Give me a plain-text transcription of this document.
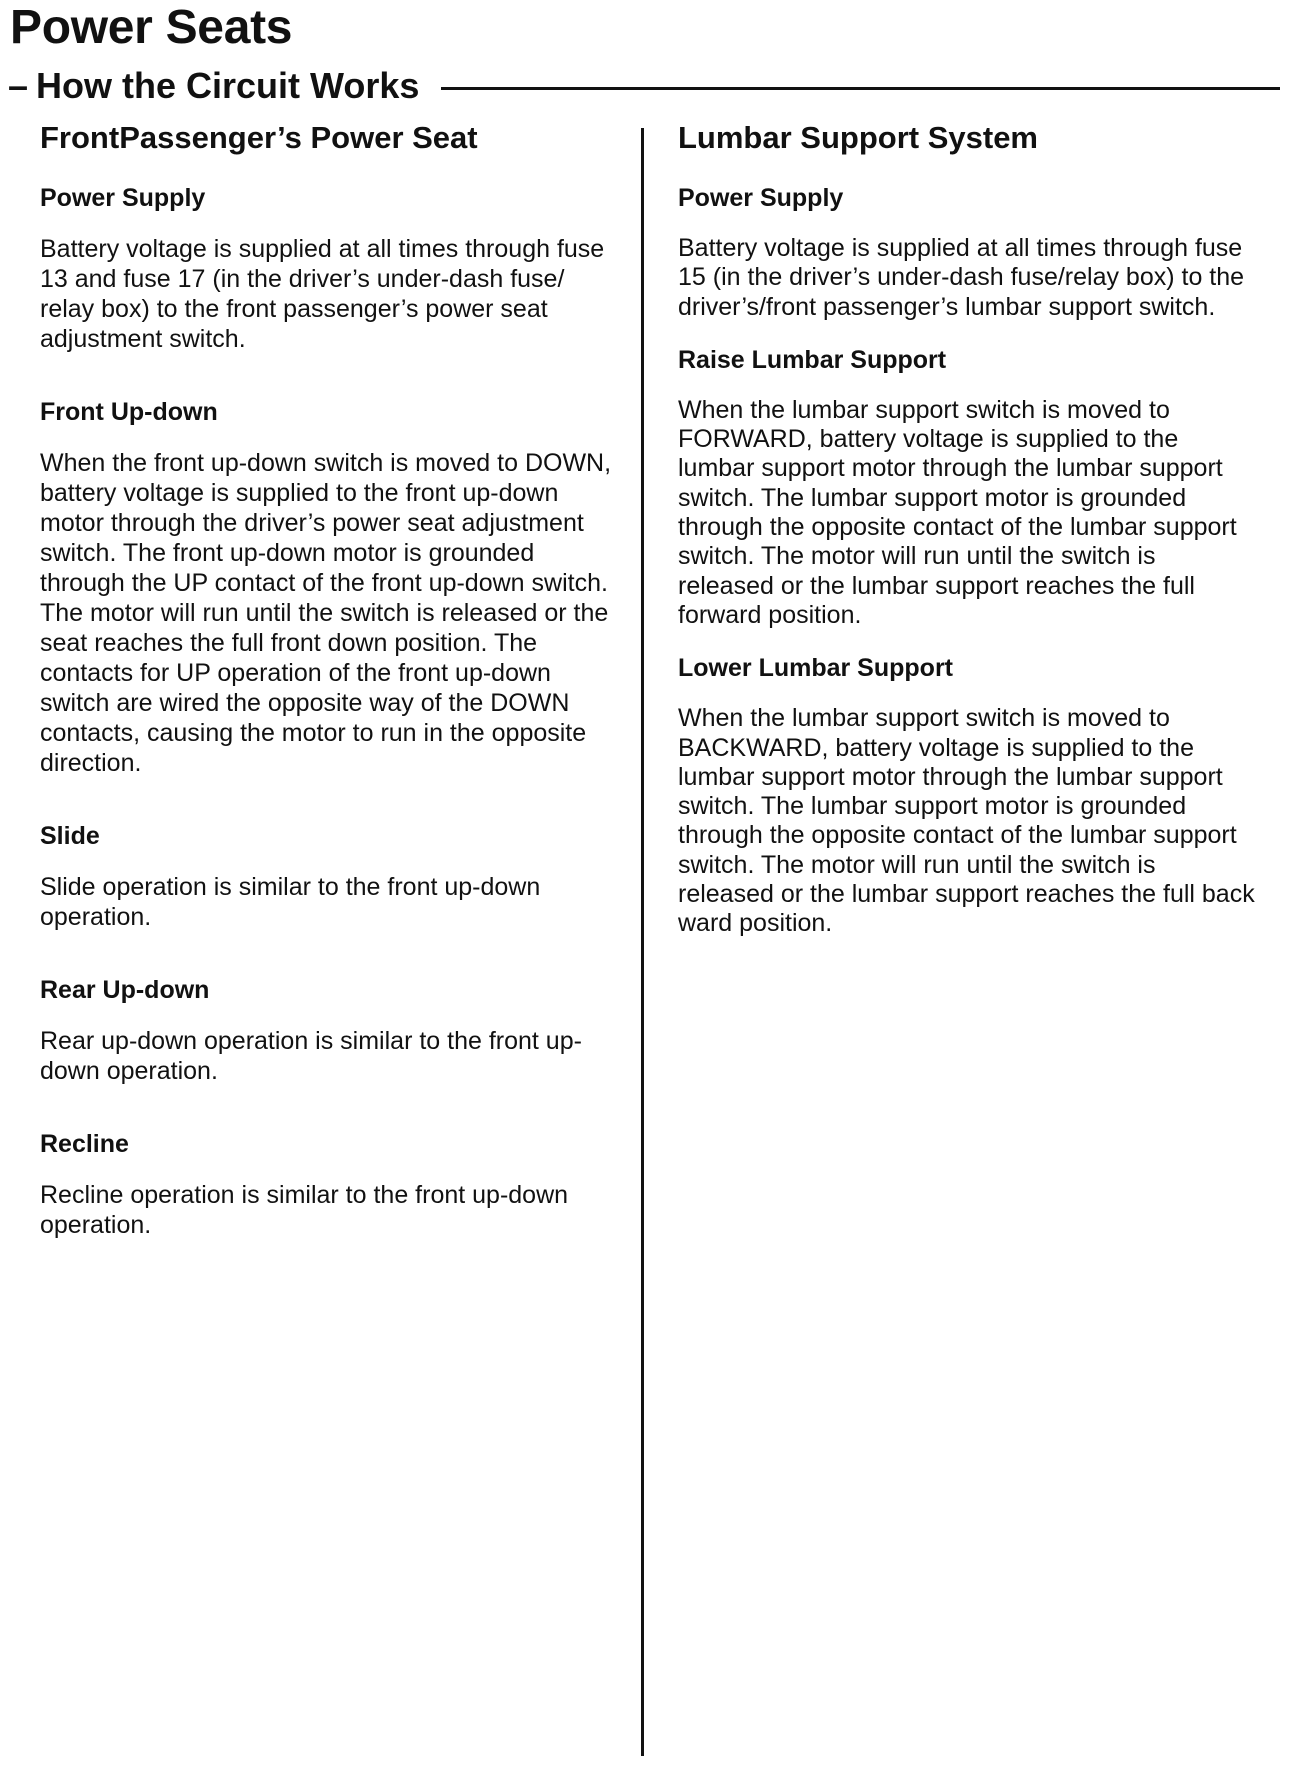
Power Seats
– How the Circuit Works
FrontPassenger’s Power Seat
Power Supply

Battery voltage is supplied at all times through fuse 13 and fuse 17 (in the driver’s under-dash fuse/ relay box) to the front passenger’s power seat adjustment switch.

Front Up-down

When the front up-down switch is moved to DOWN, battery voltage is supplied to the front up-down motor through the driver’s power seat adjustment switch. The front up-down motor is grounded through the UP contact of the front up-down switch. The motor will run until the switch is released or the seat reaches the full front down position. The contacts for UP operation of the front up-down switch are wired the opposite way of the DOWN contacts, causing the motor to run in the opposite direction.

Slide

Slide operation is similar to the front up-down operation.

Rear Up-down

Rear up-down operation is similar to the front up-down operation.

Recline

Recline operation is similar to the front up-down operation.

Lumbar Support System
Power Supply

Battery voltage is supplied at all times through fuse 15 (in the driver’s under-dash fuse/relay box) to the driver’s/front passenger’s lumbar support switch.

Raise Lumbar Support

When the lumbar support switch is moved to FORWARD, battery voltage is supplied to the lumbar support motor through the lumbar support switch. The lumbar support motor is grounded through the opposite contact of the lumbar support switch. The motor will run until the switch is released or the lumbar support reaches the full forward position.

Lower Lumbar Support

When the lumbar support switch is moved to BACKWARD, battery voltage is supplied to the lumbar support motor through the lumbar support switch. The lumbar support motor is grounded through the opposite contact of the lumbar support switch. The motor will run until the switch is released or the lumbar support reaches the full back ward position.
